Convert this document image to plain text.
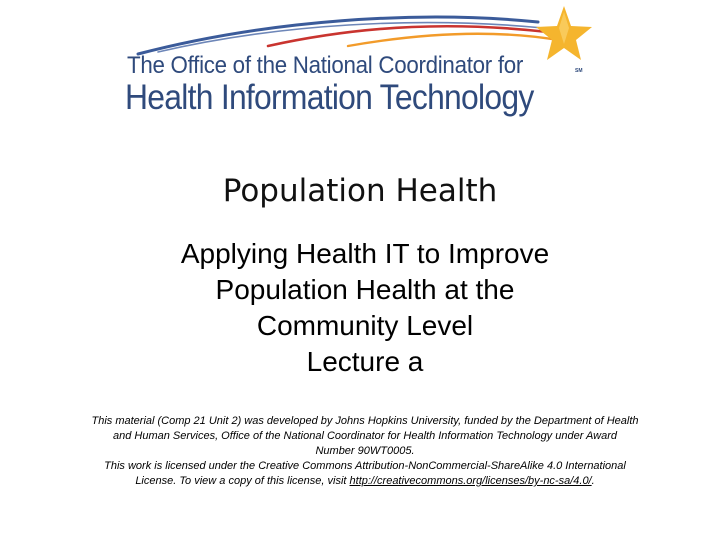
The Office of the National Coordinator for
Health Information Technology
SM
Population Health
Applying Health IT to Improve
Population Health at the
Community Level
Lecture a
This material (Comp 21 Unit 2) was developed by Johns Hopkins University, funded by the Department of Health
and Human Services, Office of the National Coordinator for Health Information Technology under Award
Number 90WT0005.
This work is licensed under the Creative Commons Attribution-NonCommercial-ShareAlike 4.0 International
License. To view a copy of this license, visit http://creativecommons.org/licenses/by-nc-sa/4.0/.
